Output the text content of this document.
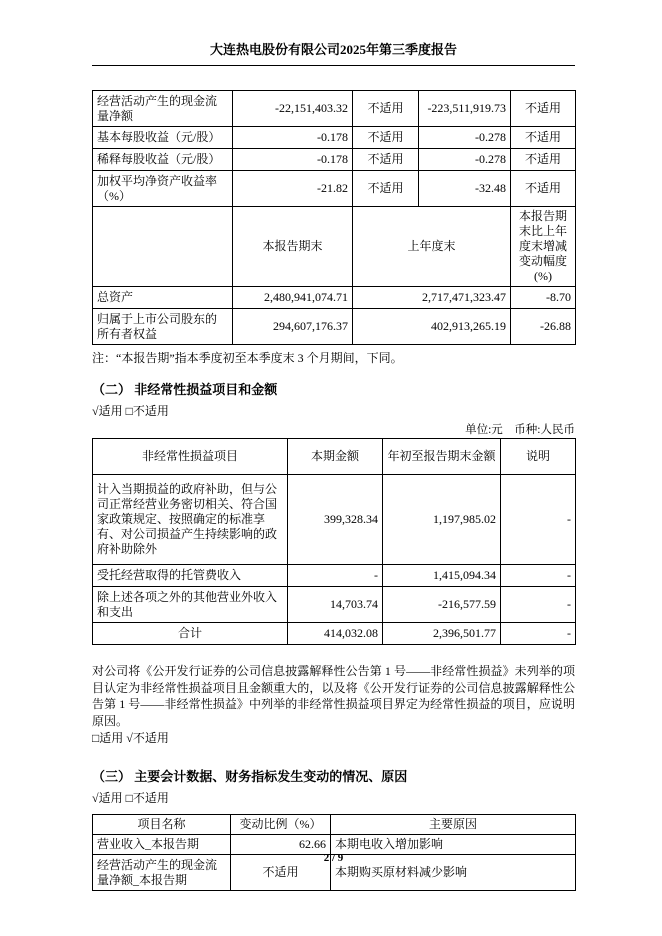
大连热电股份有限公司2025年第三季度报告
经营活动产生的现金流量净额	-22,151,403.32	不适用	-223,511,919.73	不适用
基本每股收益（元/股）	-0.178	不适用	-0.278	不适用
稀释每股收益（元/股）	-0.178	不适用	-0.278	不适用
加权平均净资产收益率（%）	-21.82	不适用	-32.48	不适用
	本报告期末	上年度末		本报告期末比上年度末增减变动幅度(%)
总资产	2,480,941,074.71	2,717,471,323.47		-8.70
归属于上市公司股东的所有者权益	294,607,176.37	402,913,265.19		-26.88

注：“本报告期”指本季度初至本季度末 3 个月期间，下同。

（二） 非经常性损益项目和金额

√适用 □不适用

单位:元　币种:人民币

非经常性损益项目	本期金额	年初至报告期末金额	说明
计入当期损益的政府补助，但与公司正常经营业务密切相关、符合国家政策规定、按照确定的标准享有、对公司损益产生持续影响的政府补助除外	399,328.34	1,197,985.02	-
受托经营取得的托管费收入	-	1,415,094.34	-
除上述各项之外的其他营业外收入和支出	14,703.74	-216,577.59	-
合计	414,032.08	2,396,501.77	-

对公司将《公开发行证券的公司信息披露解释性公告第 1 号——非经常性损益》未列举的项目认定为非经常性损益项目且金额重大的，以及将《公开发行证券的公司信息披露解释性公告第 1 号——非经常性损益》中列举的非经常性损益项目界定为经常性损益的项目，应说明原因。

□适用 √不适用

（三） 主要会计数据、财务指标发生变动的情况、原因

√适用 □不适用

项目名称	变动比例（%）	主要原因
营业收入_本报告期	62.66	本期电收入增加影响
经营活动产生的现金流量净额_本报告期	不适用	本期购买原材料减少影响
2 / 9
